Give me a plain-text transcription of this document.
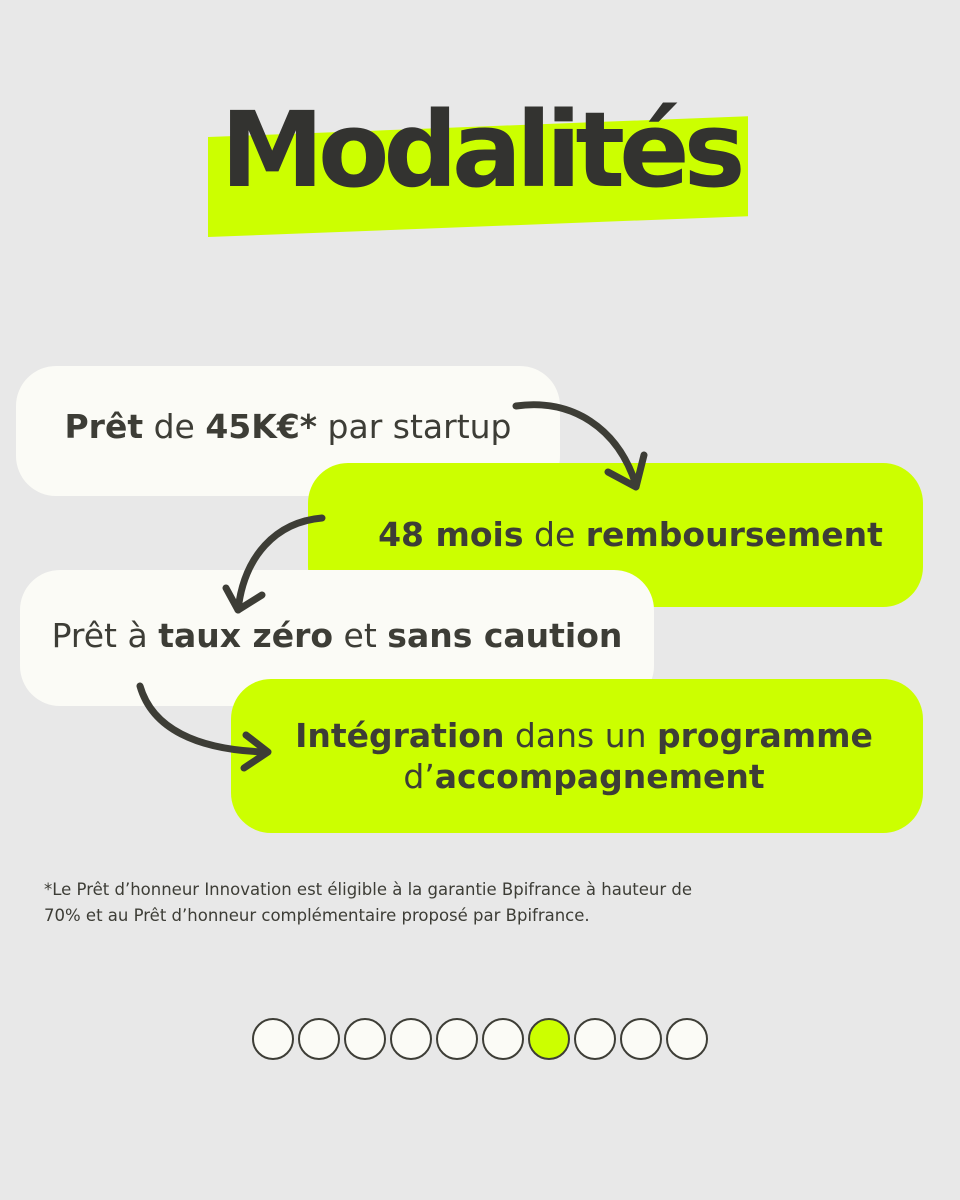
Modalités
Prêt de 45K€* par startup
48 mois de remboursement
Prêt à taux zéro et sans caution
Intégration dans un programme
d’accompagnement

*Le Prêt d’honneur Innovation est éligible à la garantie Bpifrance à hauteur de
70% et au Prêt d’honneur complémentaire proposé par Bpifrance.
